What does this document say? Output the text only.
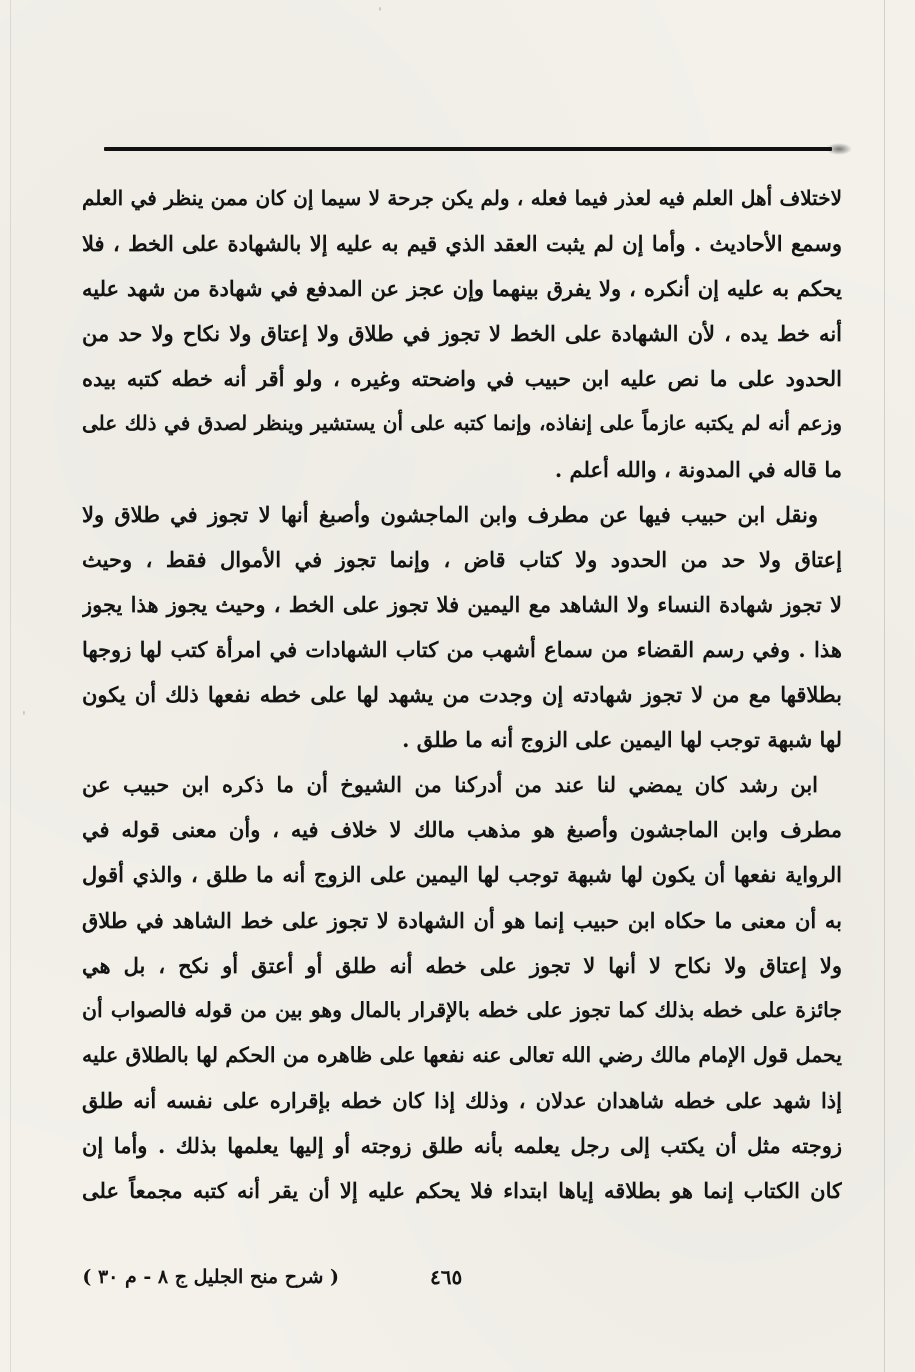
ˈ
ˈ
لاختلاف أهل العلم فيه لعذر فيما فعله ، ولم يكن جرحة لا سيما إن كان ممن ينظر في العلم
وسمع الأحاديث . وأما إن لم يثبت العقد الذي قيم به عليه إلا بالشهادة على الخط ، فلا
يحكم به عليه إن أنكره ، ولا يفرق بينهما وإن عجز عن المدفع في شهادة من شهد عليه
أنه خط يده ، لأن الشهادة على الخط لا تجوز في طلاق ولا إعتاق ولا نكاح ولا حد من
الحدود على ما نص عليه ابن حبيب في واضحته وغيره ، ولو أقر أنه خطه كتبه بيده
وزعم أنه لم يكتبه عازماً على إنفاذه، وإنما كتبه على أن يستشير وينظر لصدق في ذلك على
ما قاله في المدونة ، والله أعلم .
ونقل ابن حبيب فيها عن مطرف وابن الماجشون وأصبغ أنها لا تجوز في طلاق ولا
إعتاق ولا حد من الحدود ولا كتاب قاض ، وإنما تجوز في الأموال فقط ، وحيث
لا تجوز شهادة النساء ولا الشاهد مع اليمين فلا تجوز على الخط ، وحيث يجوز هذا يجوز
هذا . وفي رسم القضاء من سماع أشهب من كتاب الشهادات في امرأة كتب لها زوجها
بطلاقها مع من لا تجوز شهادته إن وجدت من يشهد لها على خطه نفعها ذلك أن يكون
لها شبهة توجب لها اليمين على الزوج أنه ما طلق .
ابن رشد كان يمضي لنا عند من أدركنا من الشيوخ أن ما ذكره ابن حبيب عن
مطرف وابن الماجشون وأصبغ هو مذهب مالك لا خلاف فيه ، وأن معنى قوله في
الرواية نفعها أن يكون لها شبهة توجب لها اليمين على الزوج أنه ما طلق ، والذي أقول
به أن معنى ما حكاه ابن حبيب إنما هو أن الشهادة لا تجوز على خط الشاهد في طلاق
ولا إعتاق ولا نكاح لا أنها لا تجوز على خطه أنه طلق أو أعتق أو نكح ، بل هي
جائزة على خطه بذلك كما تجوز على خطه بالإقرار بالمال وهو بين من قوله فالصواب أن
يحمل قول الإمام مالك رضي الله تعالى عنه نفعها على ظاهره من الحكم لها بالطلاق عليه
إذا شهد على خطه شاهدان عدلان ، وذلك إذا كان خطه بإقراره على نفسه أنه طلق
زوجته مثل أن يكتب إلى رجل يعلمه بأنه طلق زوجته أو إليها يعلمها بذلك . وأما إن
كان الكتاب إنما هو بطلاقه إياها ابتداء فلا يحكم عليه إلا أن يقر أنه كتبه مجمعاً على
٤٦٥
( شرح منح الجليل ج ٨ - م ٣٠ )
